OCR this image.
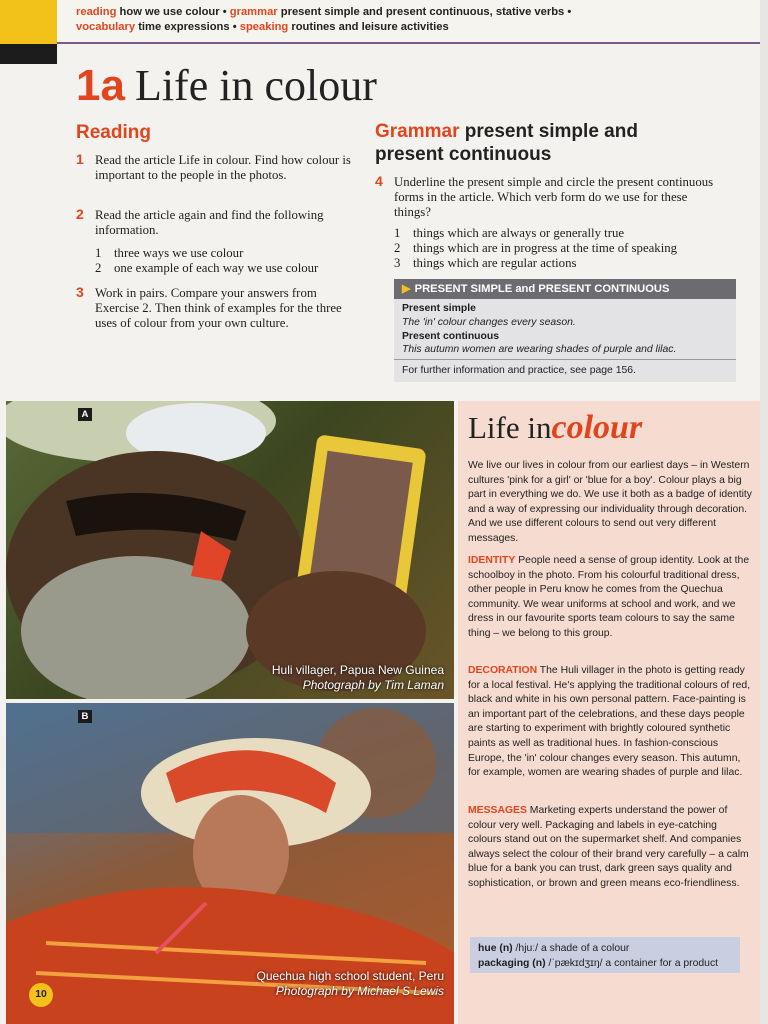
reading how we use colour • grammar present simple and present continuous, stative verbs •
vocabulary time expressions • speaking routines and leisure activities
1a Life in colour
Reading	Grammar present simple and present continuous
1 Read the article Life in colour. Find how colour is important to the people in the photos.
2 Read the article again and find the following information.
1 three ways we use colour
2 one example of each way we use colour
3 Work in pairs. Compare your answers from Exercise 2. Then think of examples for the three uses of colour from your own culture.
4 Underline the present simple and circle the present continuous forms in the article. Which verb form do we use for these things?
1 things which are always or generally true
2 things which are in progress at the time of speaking
3 things which are regular actions
▶ PRESENT SIMPLE and PRESENT CONTINUOUS
Present simple
The 'in' colour changes every season.
Present continuous
This autumn women are wearing shades of purple and lilac.
For further information and practice, see page 156.
A
Huli villager, Papua New Guinea
Photograph by Tim Laman
B
Quechua high school student, Peru
Photograph by Michael S Lewis
10
Life incolour
We live our lives in colour from our earliest days – in Western cultures 'pink for a girl' or 'blue for a boy'. Colour plays a big part in everything we do. We use it both as a badge of identity and a way of expressing our individuality through decoration. And we use different colours to send out very different messages.
IDENTITY People need a sense of group identity. Look at the schoolboy in the photo. From his colourful traditional dress, other people in Peru know he comes from the Quechua community. We wear uniforms at school and work, and we dress in our favourite sports team colours to say the same thing – we belong to this group.
DECORATION The Huli villager in the photo is getting ready for a local festival. He's applying the traditional colours of red, black and white in his own personal pattern. Face-painting is an important part of the celebrations, and these days people are starting to experiment with brightly coloured synthetic paints as well as traditional hues. In fashion-conscious Europe, the 'in' colour changes every season. This autumn, for example, women are wearing shades of purple and lilac.
MESSAGES Marketing experts understand the power of colour very well. Packaging and labels in eye-catching colours stand out on the supermarket shelf. And companies always select the colour of their brand very carefully – a calm blue for a bank you can trust, dark green says quality and sophistication, or brown and green means eco-friendliness.
hue (n) /hjuː/ a shade of a colour
packaging (n) /ˈpækɪdʒɪŋ/ a container for a product
